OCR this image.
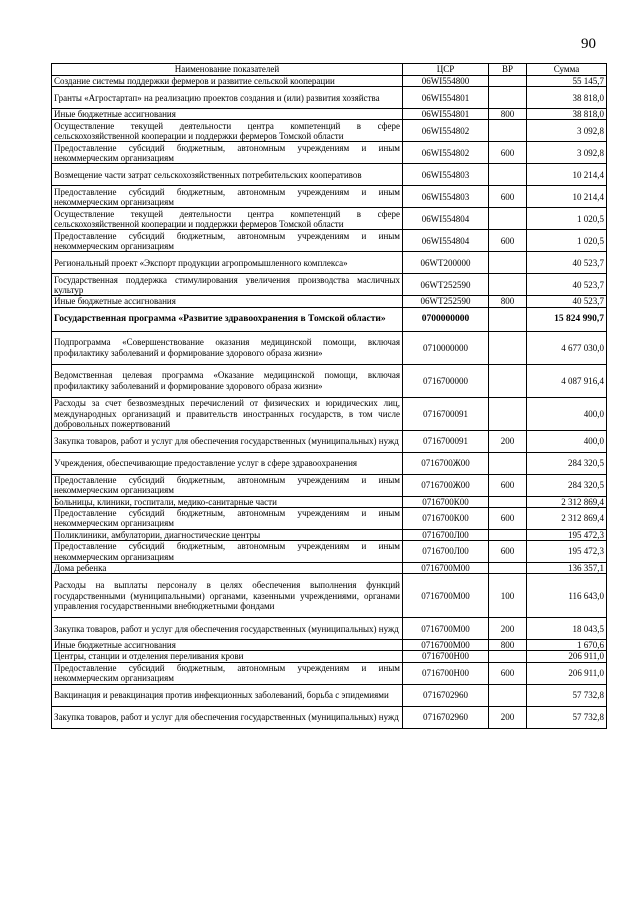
90
Наименование показателей	ЦСР	ВР	Сумма
Создание системы поддержки фермеров и развитие сельской кооперации	06WI554800		55 145,7
Гранты «Агростартап» на реализацию проектов создания и (или) развития хозяйства	06WI554801		38 818,0
Иные бюджетные ассигнования	06WI554801	800	38 818,0
Осуществление текущей деятельности центра компетенций в сфере сельскохозяйственной кооперации и поддержки фермеров Томской области	06WI554802		3 092,8
Предоставление субсидий бюджетным, автономным учреждениям и иным некоммерческим организациям	06WI554802	600	3 092,8
Возмещение части затрат сельскохозяйственных потребительских кооперативов	06WI554803		10 214,4
Предоставление субсидий бюджетным, автономным учреждениям и иным некоммерческим организациям	06WI554803	600	10 214,4
Осуществление текущей деятельности центра компетенций в сфере сельскохозяйственной кооперации и поддержки фермеров Томской области	06WI554804		1 020,5
Предоставление субсидий бюджетным, автономным учреждениям и иным некоммерческим организациям	06WI554804	600	1 020,5
Региональный проект «Экспорт продукции агропромышленного комплекса»	06WT200000		40 523,7
Государственная поддержка стимулирования увеличения производства масличных культур	06WT252590		40 523,7
Иные бюджетные ассигнования	06WT252590	800	40 523,7
Государственная программа «Развитие здравоохранения в Томской области»	0700000000		15 824 990,7
Подпрограмма «Совершенствование оказания медицинской помощи, включая профилактику заболеваний и формирование здорового образа жизни»	0710000000		4 677 030,0
Ведомственная целевая программа «Оказание медицинской помощи, включая профилактику заболеваний и формирование здорового образа жизни»	0716700000		4 087 916,4
Расходы за счет безвозмездных перечислений от физических и юридических лиц, международных организаций и правительств иностранных государств, в том числе добровольных пожертвований	0716700091		400,0
Закупка товаров, работ и услуг для обеспечения государственных (муниципальных) нужд	0716700091	200	400,0
Учреждения, обеспечивающие предоставление услуг в сфере здравоохранения	0716700Ж00		284 320,5
Предоставление субсидий бюджетным, автономным учреждениям и иным некоммерческим организациям	0716700Ж00	600	284 320,5
Больницы, клиники, госпитали, медико-санитарные части	0716700К00		2 312 869,4
Предоставление субсидий бюджетным, автономным учреждениям и иным некоммерческим организациям	0716700К00	600	2 312 869,4
Поликлиники, амбулатории, диагностические центры	0716700Л00		195 472,3
Предоставление субсидий бюджетным, автономным учреждениям и иным некоммерческим организациям	0716700Л00	600	195 472,3
Дома ребенка	0716700М00		136 357,1
Расходы на выплаты персоналу в целях обеспечения выполнения функций государственными (муниципальными) органами, казенными учреждениями, органами управления государственными внебюджетными фондами	0716700М00	100	116 643,0
Закупка товаров, работ и услуг для обеспечения государственных (муниципальных) нужд	0716700М00	200	18 043,5
Иные бюджетные ассигнования	0716700М00	800	1 670,6
Центры, станции и отделения переливания крови	0716700Н00		206 911,0
Предоставление субсидий бюджетным, автономным учреждениям и иным некоммерческим организациям	0716700Н00	600	206 911,0
Вакцинация и ревакцинация против инфекционных заболеваний, борьба с эпидемиями	0716702960		57 732,8
Закупка товаров, работ и услуг для обеспечения государственных (муниципальных) нужд	0716702960	200	57 732,8
